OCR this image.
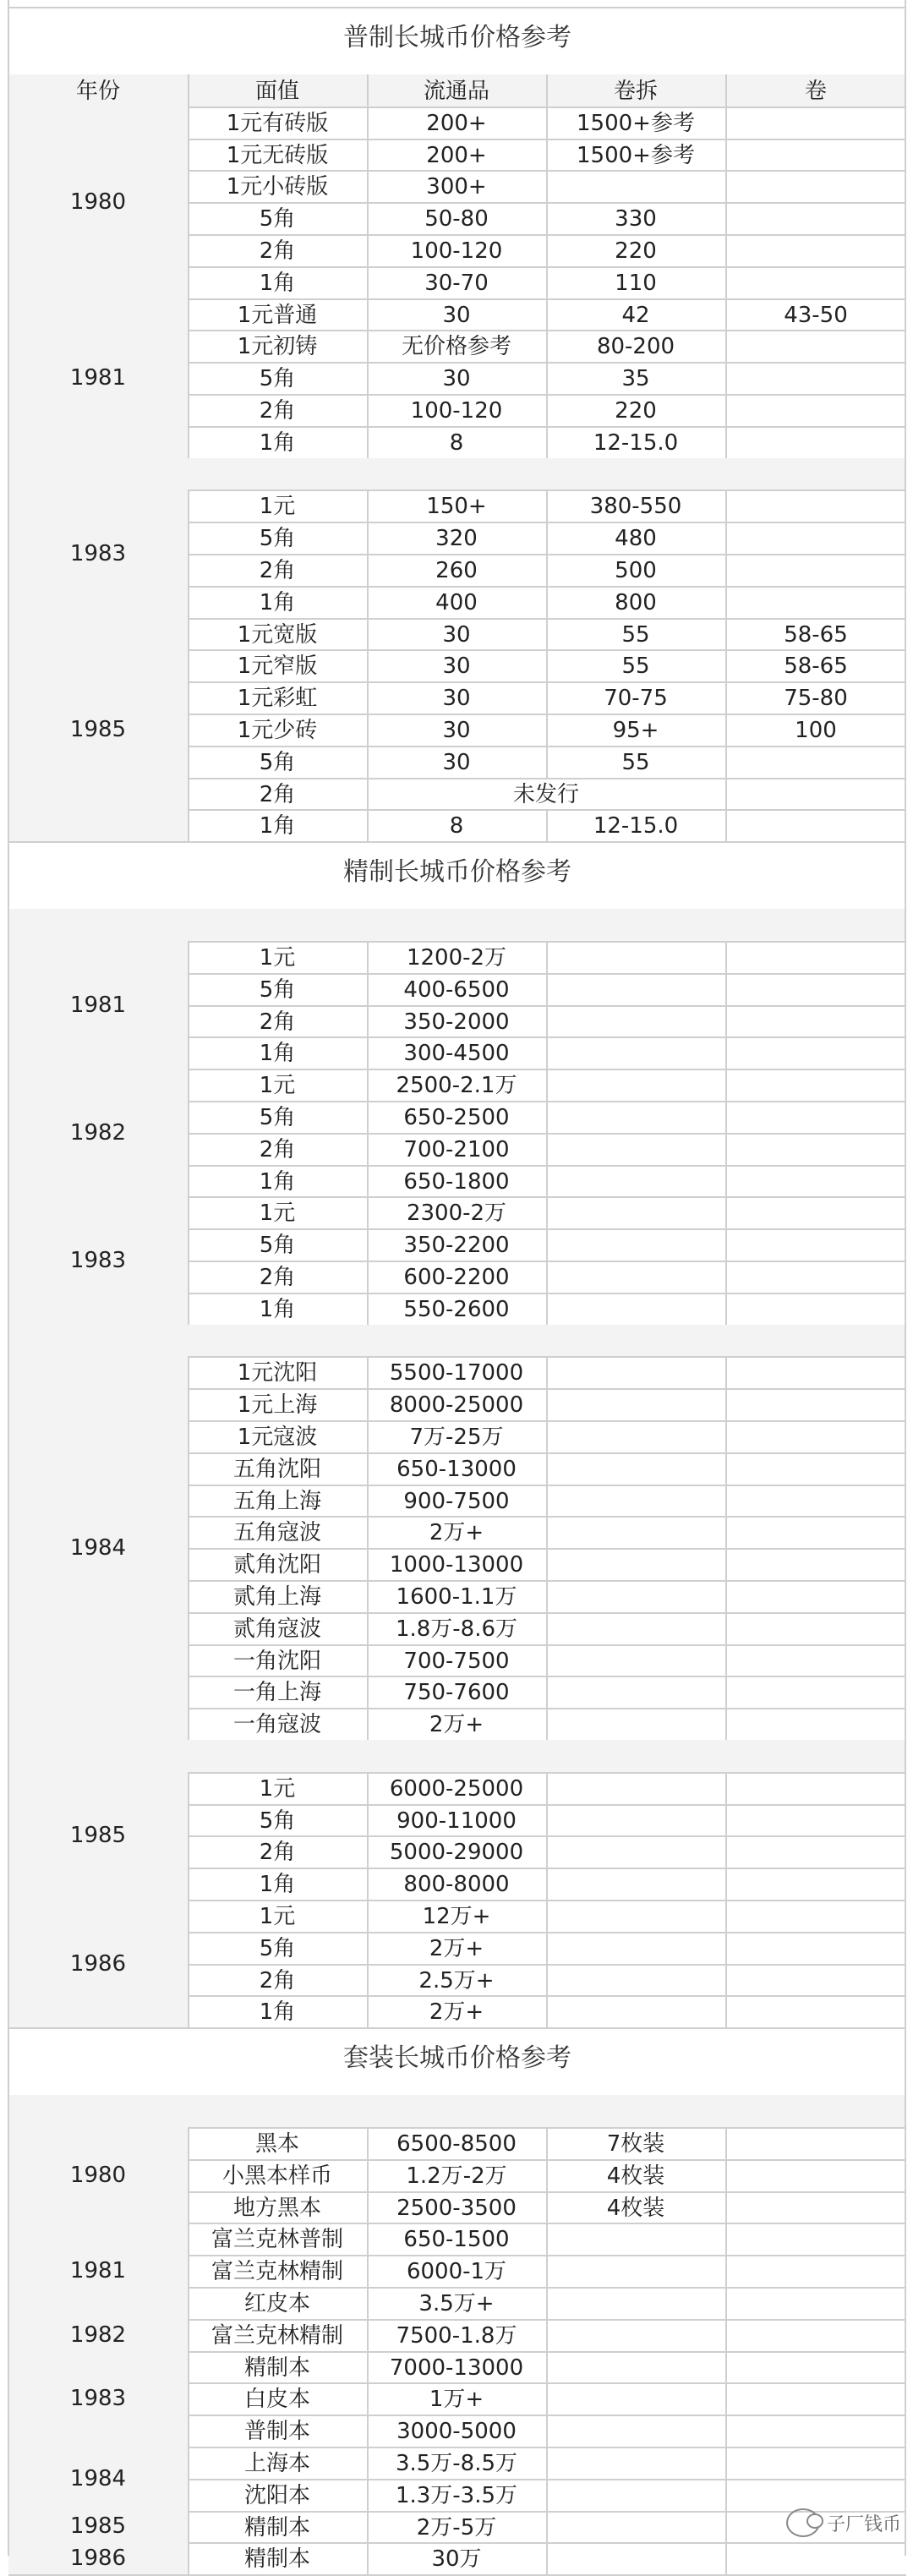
普制长城币价格参考
年份	面值	流通品	卷拆	卷
1980
1元有砖版	200+	1500+参考
1元无砖版	200+	1500+参考
1元小砖版	300+
5角	50-80	330
2角	100-120	220
1角	30-70	110
1981
1元普通	30	42	43-50
1元初铸	无价格参考	80-200
5角	30	35
2角	100-120	220
1角	8	12-15.0
1983
1元	150+	380-550
5角	320	480
2角	260	500
1角	400	800
1985
1元宽版	30	55	58-65
1元窄版	30	55	58-65
1元彩虹	30	70-75	75-80
1元少砖	30	95+	100
5角	30	55
2角	未发行
1角	8	12-15.0
精制长城币价格参考
1981
1元	1200-2万
5角	400-6500
2角	350-2000
1角	300-4500
1982
1元	2500-2.1万
5角	650-2500
2角	700-2100
1角	650-1800
1983
1元	2300-2万
5角	350-2200
2角	600-2200
1角	550-2600
1984
1元沈阳	5500-17000
1元上海	8000-25000
1元寇波	7万-25万
五角沈阳	650-13000
五角上海	900-7500
五角寇波	2万+
贰角沈阳	1000-13000
贰角上海	1600-1.1万
贰角寇波	1.8万-8.6万
一角沈阳	700-7500
一角上海	750-7600
一角寇波	2万+
1985
1元	6000-25000
5角	900-11000
2角	5000-29000
1角	800-8000
1986
1元	12万+
5角	2万+
2角	2.5万+
1角	2万+
套装长城币价格参考
1980
黑本	6500-8500	7枚装
小黑本样币	1.2万-2万	4枚装
地方黑本	2500-3500	4枚装
1981
富兰克林普制	650-1500
富兰克林精制	6000-1万
红皮本	3.5万+
1982	富兰克林精制	7500-1.8万
1983
精制本	7000-13000
白皮本	1万+
普制本	3000-5000
1984
上海本	3.5万-8.5万
沈阳本	1.3万-3.5万
1985	精制本	2万-5万
1986	精制本	30万
子厂钱币
